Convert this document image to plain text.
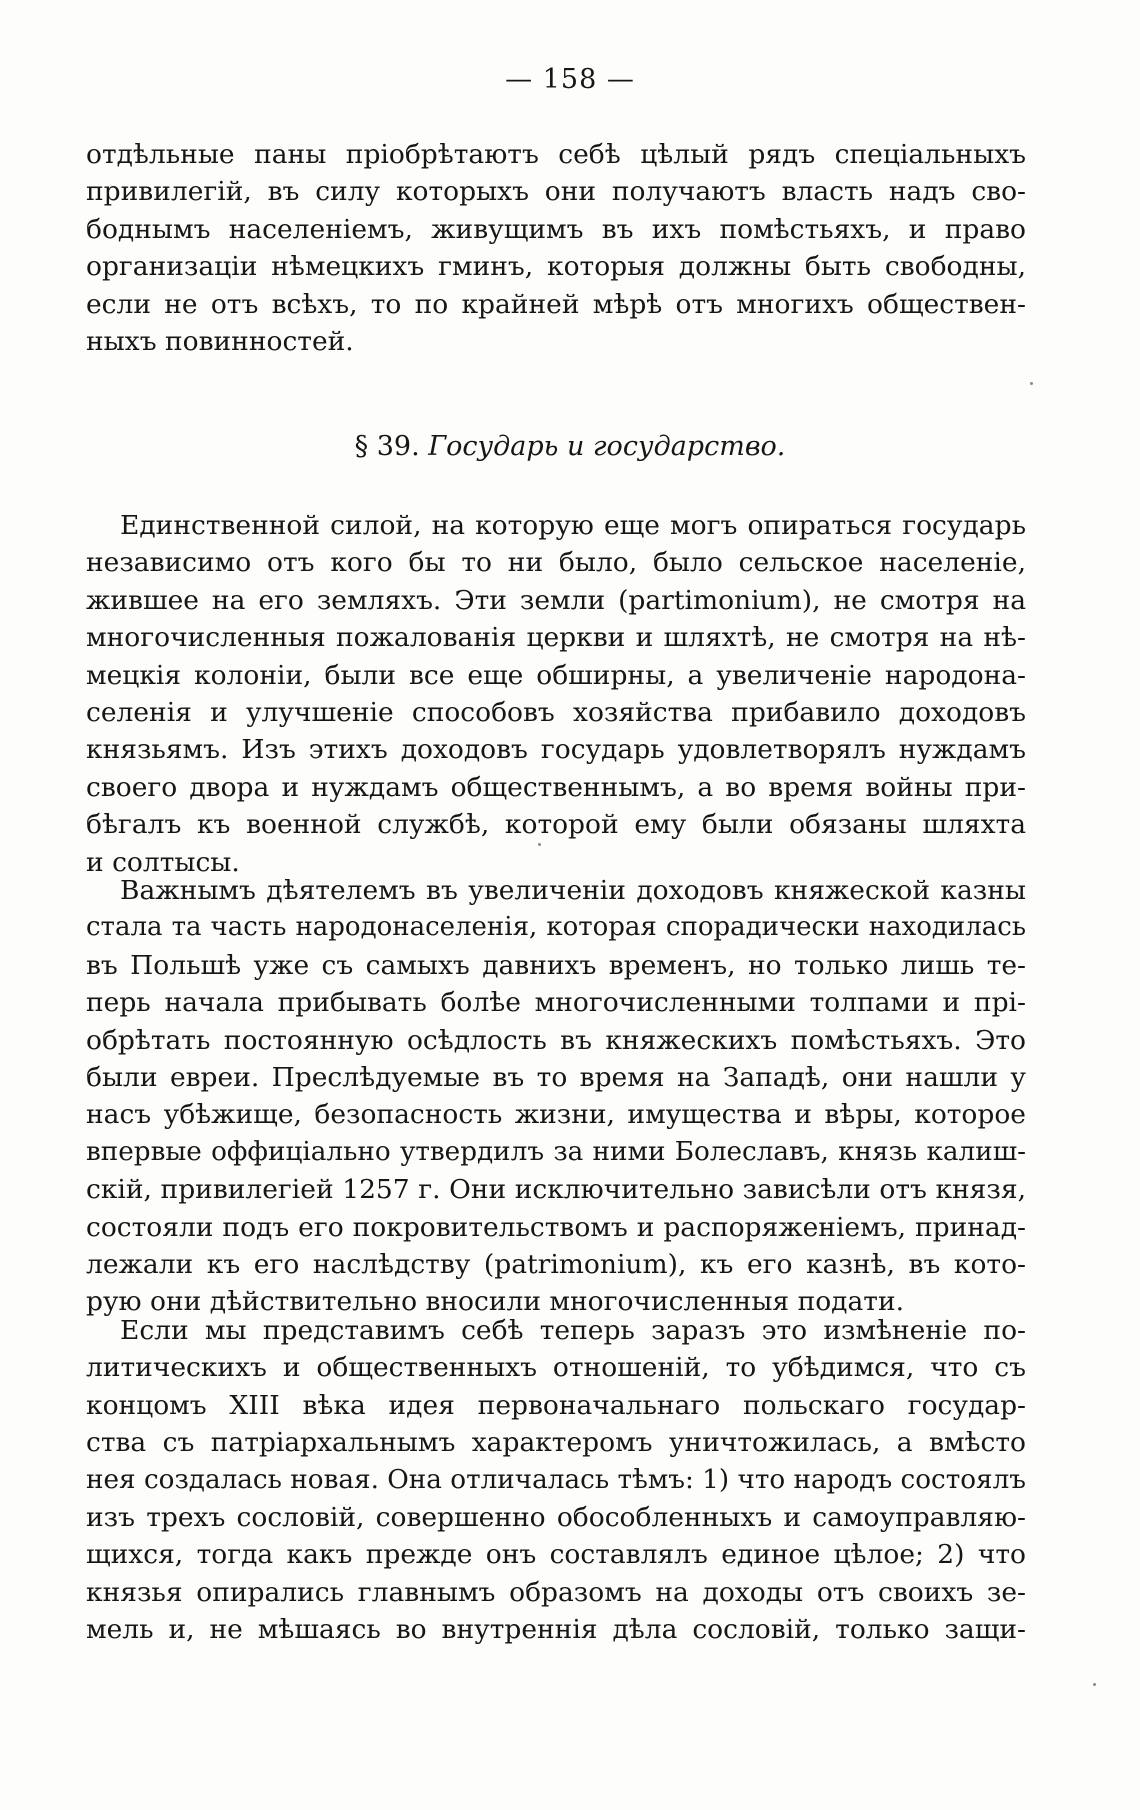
— 158 —
отдѣльные паны пріобрѣтаютъ себѣ цѣлый рядъ спеціальныхъ
привилегій, въ силу которыхъ они получаютъ власть надъ сво-
боднымъ населеніемъ, живущимъ въ ихъ помѣстьяхъ, и право
организаціи нѣмецкихъ гминъ, которыя должны быть свободны,
если не отъ всѣхъ, то по крайней мѣрѣ отъ многихъ обществен-
ныхъ повинностей.
§ 39. Государь и государство.
Единственной силой, на которую еще могъ опираться государь
независимо отъ кого бы то ни было, было сельское населеніе,
жившее на его земляхъ. Эти земли (partimonium), не смотря на
многочисленныя пожалованія церкви и шляхтѣ, не смотря на нѣ-
мецкія колоніи, были все еще обширны, а увеличеніе народона-
селенія и улучшеніе способовъ хозяйства прибавило доходовъ
князьямъ. Изъ этихъ доходовъ государь удовлетворялъ нуждамъ
своего двора и нуждамъ общественнымъ, а во время войны при-
бѣгалъ къ военной службѣ, которой ему были обязаны шляхта
и солтысы.
Важнымъ дѣятелемъ въ увеличеніи доходовъ княжеской казны
стала та часть народонаселенія, которая спорадически находилась
въ Польшѣ уже съ самыхъ давнихъ временъ, но только лишь те-
перь начала прибывать болѣе многочисленными толпами и прі-
обрѣтать постоянную осѣдлость въ княжескихъ помѣстьяхъ. Это
были евреи. Преслѣдуемые въ то время на Западѣ, они нашли у
насъ убѣжище, безопасность жизни, имущества и вѣры, которое
впервые оффиціально утвердилъ за ними Болеславъ, князь калиш-
скій, привилегіей 1257 г. Они исключительно зависѣли отъ князя,
состояли подъ его покровительствомъ и распоряженіемъ, принад-
лежали къ его наслѣдству (patrimonium), къ его казнѣ, въ кото-
рую они дѣйствительно вносили многочисленныя подати.
Если мы представимъ себѣ теперь заразъ это измѣненіе по-
литическихъ и общественныхъ отношеній, то убѣдимся, что съ
концомъ XIII вѣка идея первоначальнаго польскаго государ-
ства съ патріархальнымъ характеромъ уничтожилась, а вмѣсто
нея создалась новая. Она отличалась тѣмъ: 1) что народъ состоялъ
изъ трехъ сословій, совершенно обособленныхъ и самоуправляю-
щихся, тогда какъ прежде онъ составлялъ единое цѣлое; 2) что
князья опирались главнымъ образомъ на доходы отъ своихъ зе-
мель и, не мѣшаясь во внутреннія дѣла сословій, только защи-
